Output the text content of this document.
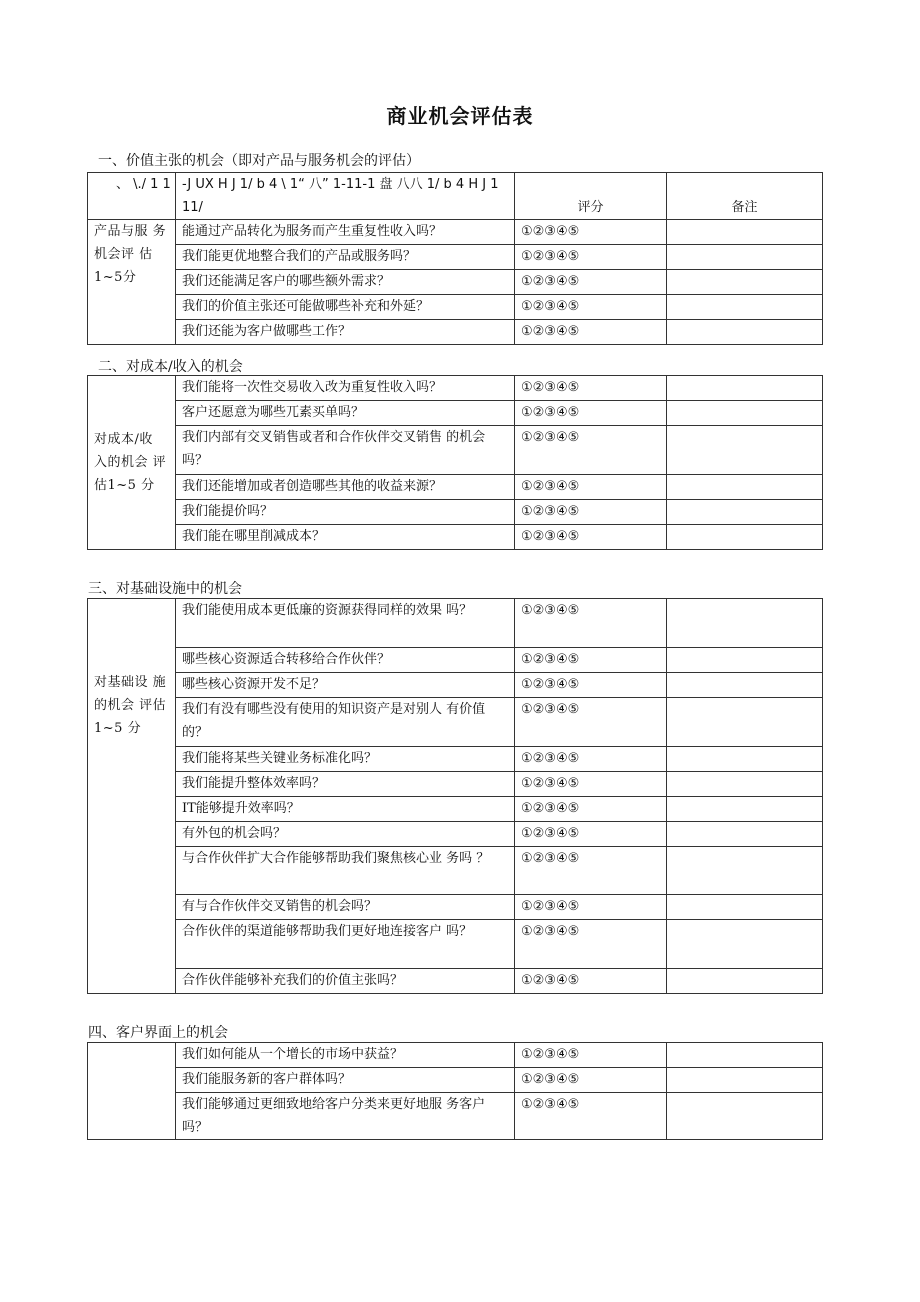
商业机会评估表
一、价值主张的机会（即对产品与服务机会的评估）
、 \./ 1 1	-J UX H J 1/ b 4 \ 1“ 八” 1-11-1 盘 八八 1/ b 4 H J 1 11/	评分	备注
产品与服 务机会评 估 1~5分	能通过产品转化为服务而产生重复性收入吗？	①②③④⑤	
	我们能更优地整合我们的产品或服务吗？	①②③④⑤	
	我们还能满足客户的哪些额外需求？	①②③④⑤	
	我们的价值主张还可能做哪些补充和外延？	①②③④⑤	
	我们还能为客户做哪些工作？	①②③④⑤	
二、对成本/收入的机会
对成本/收 入的机会 评 估1~5 分	我们能将一次性交易收入改为重复性收入吗？	①②③④⑤	
	客户还愿意为哪些兀素买单吗？	①②③④⑤	
	我们内部有交叉销售或者和合作伙伴交叉销售 的机会吗？	①②③④⑤	
	我们还能增加或者创造哪些其他的收益来源？	①②③④⑤	
	我们能提价吗？	①②③④⑤	
	我们能在哪里削减成本？	①②③④⑤	
三、对基础设施中的机会
对基础设 施的机会 评估 1~5 分	我们能使用成本更低廉的资源获得同样的效果 吗？	①②③④⑤	
	哪些核心资源适合转移给合作伙伴？	①②③④⑤	
	哪些核心资源开发不足？	①②③④⑤	
	我们有没有哪些没有使用的知识资产是对别人 有价值的？	①②③④⑤	
	我们能将某些关键业务标准化吗？	①②③④⑤	
	我们能提升整体效率吗？	①②③④⑤	
	IT能够提升效率吗？	①②③④⑤	
	有外包的机会吗？	①②③④⑤	
	与合作伙伴扩大合作能够帮助我们聚焦核心业 务吗 ？	①②③④⑤	
	有与合作伙伴交叉销售的机会吗？	①②③④⑤	
	合作伙伴的渠道能够帮助我们更好地连接客户 吗？	①②③④⑤	
	合作伙伴能够补充我们的价值主张吗？	①②③④⑤	
四、客户界面上的机会
	我们如何能从一个增长的市场中获益？	①②③④⑤	
	我们能服务新的客户群体吗？	①②③④⑤	
	我们能够通过更细致地给客户分类来更好地服 务客户吗？	①②③④⑤	
